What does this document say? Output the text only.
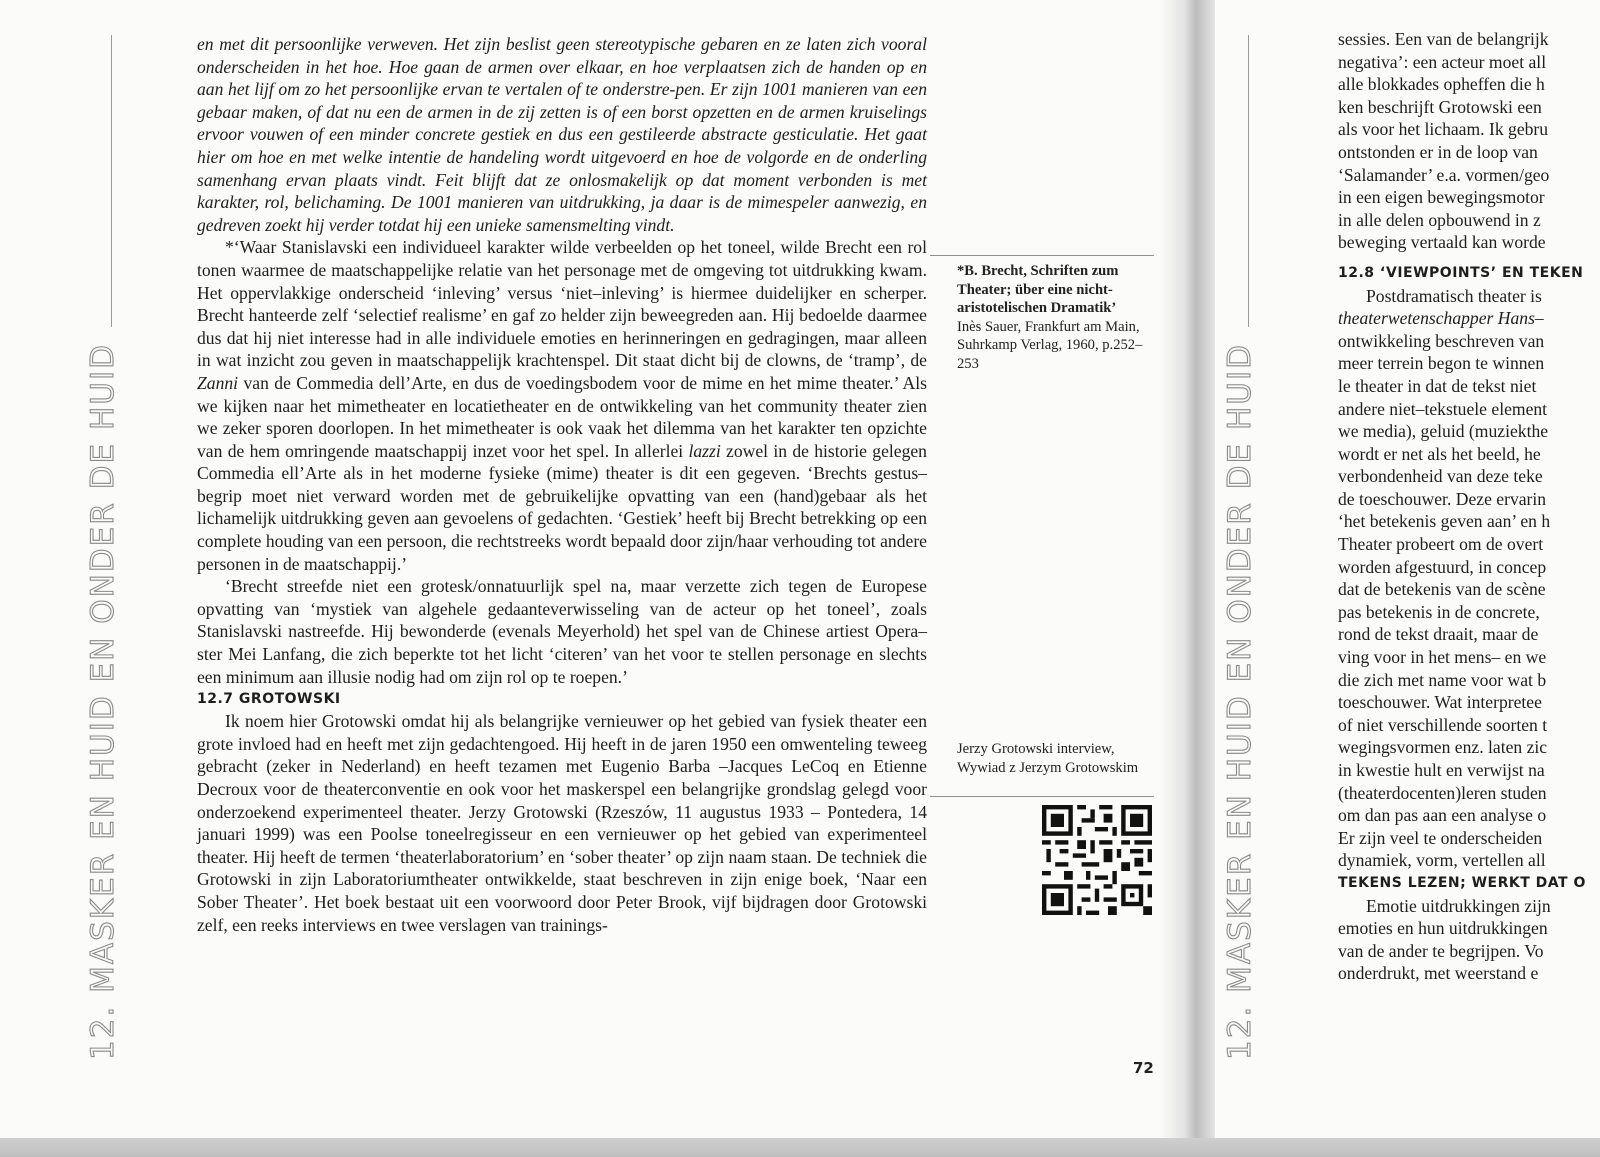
12. MASKER EN HUID EN ONDER DE HUID

en met dit persoonlijke verweven. Het zijn beslist geen stereotypische gebaren en ze laten zich vooral onderscheiden in het hoe. Hoe gaan de armen over elkaar, en hoe verplaatsen zich de handen op en aan het lijf om zo het persoonlijke ervan te vertalen of te onderstre-pen. Er zijn 1001 manieren van een gebaar maken, of dat nu een de armen in de zij zetten is of een borst opzetten en de armen kruiselings ervoor vouwen of een minder concrete gestiek en dus een gestileerde abstracte gesticulatie. Het gaat hier om hoe en met welke intentie de handeling wordt uitgevoerd en hoe de volgorde en de onderling samenhang ervan plaats vindt. Feit blijft dat ze onlosmakelijk op dat moment verbonden is met karakter, rol, belichaming. De 1001 manieren van uitdrukking, ja daar is de mimespeler aanwezig, en gedreven zoekt hij verder totdat hij een unieke samensmelting vindt.

*‘Waar Stanislavski een individueel karakter wilde verbeelden op het toneel, wilde Brecht een rol tonen waarmee de maatschappelijke relatie van het personage met de omgeving tot uitdrukking kwam. Het oppervlakkige onderscheid ‘inleving’ versus ‘niet–inleving’ is hiermee duidelijker en scherper. Brecht hanteerde zelf ‘selectief realisme’ en gaf zo helder zijn beweegreden aan. Hij bedoelde daarmee dus dat hij niet interesse had in alle individuele emoties en herinneringen en gedragingen, maar alleen in wat inzicht zou geven in maatschappelijk krachtenspel. Dit staat dicht bij de clowns, de ‘tramp’, de Zanni van de Commedia dell’Arte, en dus de voedingsbodem voor de mime en het mime theater.’ Als we kijken naar het mimetheater en locatietheater en de ontwikkeling van het community theater zien we zeker sporen doorlopen. In het mimetheater is ook vaak het dilemma van het karakter ten opzichte van de hem omringende maatschappij inzet voor het spel. In allerlei lazzi zowel in de historie gelegen Commedia ell’Arte als in het moderne fysieke (mime) theater is dit een gegeven. ‘Brechts gestus–begrip moet niet verward worden met de gebruikelijke opvatting van een (hand)gebaar als het lichamelijk uitdrukking geven aan gevoelens of gedachten. ‘Gestiek’ heeft bij Brecht betrekking op een complete houding van een persoon, die rechtstreeks wordt bepaald door zijn/haar verhouding tot andere personen in de maatschappij.’

‘Brecht streefde niet een grotesk/onnatuurlijk spel na, maar verzette zich tegen de Europese opvatting van ‘mystiek van algehele gedaanteverwisseling van de acteur op het toneel’, zoals Stanislavski nastreefde. Hij bewonderde (evenals Meyerhold) het spel van de Chinese artiest Opera–ster Mei Lanfang, die zich beperkte tot het licht ‘citeren’ van het voor te stellen personage en slechts een minimum aan illusie nodig had om zijn rol op te roepen.’

12.7 GROTOWSKI

Ik noem hier Grotowski omdat hij als belangrijke vernieuwer op het gebied van fysiek theater een grote invloed had en heeft met zijn gedachtengoed. Hij heeft in de jaren 1950 een omwenteling teweeg gebracht (zeker in Nederland) en heeft tezamen met Eugenio Barba –Jacques LeCoq en Etienne Decroux voor de theaterconventie en ook voor het maskerspel een belangrijke grondslag gelegd voor onderzoekend experimenteel theater. Jerzy Grotowski (Rzeszów, 11 augustus 1933 – Pontedera, 14 januari 1999) was een Poolse toneelregisseur en een vernieuwer op het gebied van experimenteel theater. Hij heeft de termen ‘theaterlaboratorium’ en ‘sober theater’ op zijn naam staan. De techniek die Grotowski in zijn Laboratoriumtheater ontwikkelde, staat beschreven in zijn enige boek, ‘Naar een Sober Theater’. Het boek bestaat uit een voorwoord door Peter Brook, vijf bijdragen door Grotowski zelf, een reeks interviews en twee verslagen van trainings-

*B. Brecht, Schriften zum Theater; über eine nicht-aristotelischen Dramatik’
Inès Sauer, Frankfurt am Main, Suhrkamp Verlag, 1960, p.252–253
Jerzy Grotowski interview, Wywiad z Jerzym Grotowskim
72
12. MASKER EN HUID EN ONDER DE HUID
sessies. Een van de belangrijk
negativa’: een acteur moet all
alle blokkades opheffen die h
ken beschrijft Grotowski een
als voor het lichaam. Ik gebru
ontstonden er in de loop van
‘Salamander’ e.a. vormen/geo
in een eigen bewegingsmotor
in alle delen opbouwend in z
beweging vertaald kan worde
12.8 ‘VIEWPOINTS’ EN TEKEN
Postdramatisch theater is
theaterwetenschapper Hans–
ontwikkeling beschreven van
meer terrein begon te winnen
le theater in dat de tekst niet
andere niet–tekstuele element
we media), geluid (muziekthe
wordt er net als het beeld, he
verbondenheid van deze teke
de toeschouwer. Deze ervarin
‘het betekenis geven aan’ en h
Theater probeert om de overt
worden afgestuurd, in concep
dat de betekenis van de scène
pas betekenis in de concrete,
rond de tekst draait, maar de
ving voor in het mens– en we
die zich met name voor wat b
toeschouwer. Wat interpretee
of niet verschillende soorten t
wegingsvormen enz. laten zic
in kwestie hult en verwijst na
(theaterdocenten)leren studen
om dan pas aan een analyse o
Er zijn veel te onderscheiden
dynamiek, vorm, vertellen all
TEKENS LEZEN; WERKT DAT O
Emotie uitdrukkingen zijn
emoties en hun uitdrukkingen
van de ander te begrijpen. Vo
onderdrukt, met weerstand e
